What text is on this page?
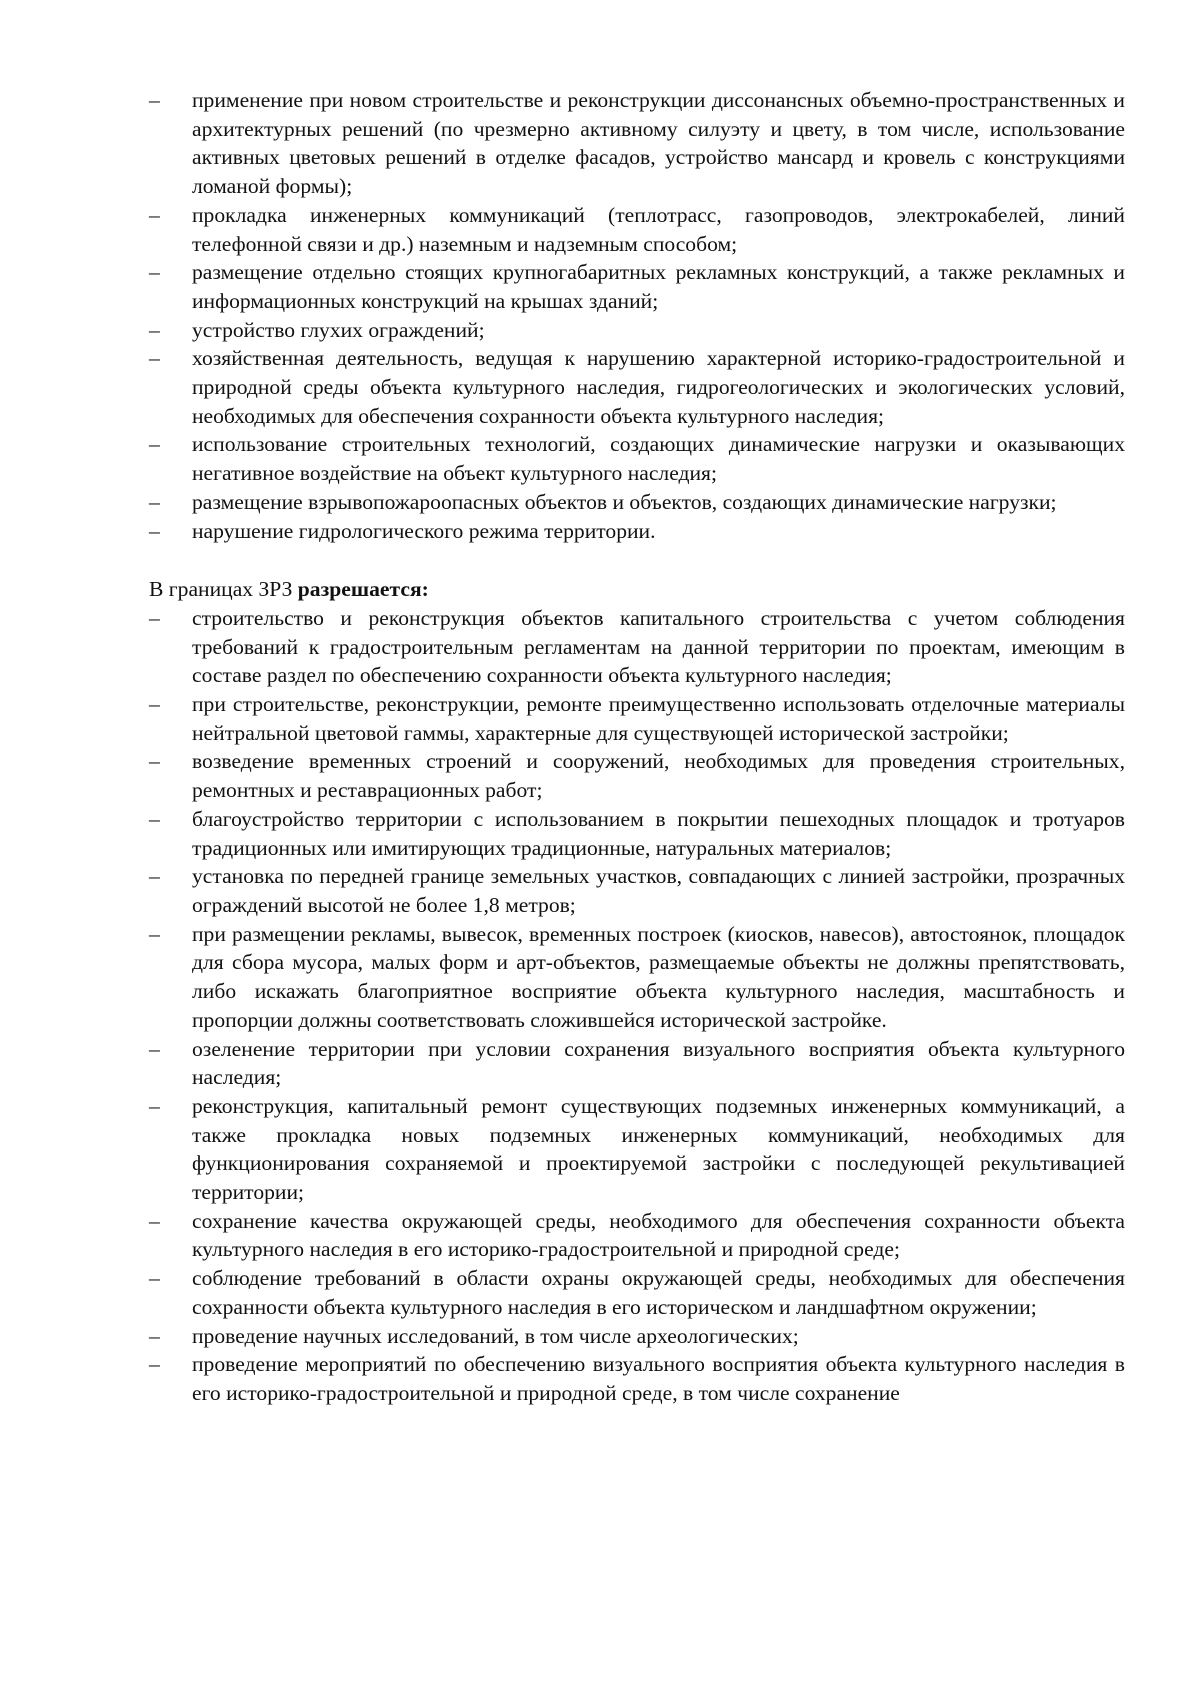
–	применение при новом строительстве и реконструкции диссонансных объемно-пространственных и архитектурных решений (по чрезмерно активному силуэту и цвету, в том числе, использование активных цветовых решений в отделке фасадов, устройство мансард и кровель с конструкциями ломаной формы);
–	прокладка инженерных коммуникаций (теплотрасс, газопроводов, электрокабелей, линий телефонной связи и др.) наземным и надземным способом;
–	размещение отдельно стоящих крупногабаритных рекламных конструкций, а также рекламных и информационных конструкций на крышах зданий;
–	устройство глухих ограждений;
–	хозяйственная деятельность, ведущая к нарушению характерной историко-градостроительной и природной среды объекта культурного наследия, гидрогеологических и экологических условий, необходимых для обеспечения сохранности объекта культурного наследия;
–	использование строительных технологий, создающих динамические нагрузки и оказывающих негативное воздействие на объект культурного наследия;
–	размещение взрывопожароопасных объектов и объектов, создающих динамические нагрузки;
–	нарушение гидрологического режима территории.
В границах ЗРЗ разрешается:
–	строительство и реконструкция объектов капитального строительства с учетом соблюдения требований к градостроительным регламентам на данной территории по проектам, имеющим в составе раздел по обеспечению сохранности объекта культурного наследия;
–	при строительстве, реконструкции, ремонте преимущественно использовать отделочные материалы нейтральной цветовой гаммы, характерные для существующей исторической застройки;
–	возведение временных строений и сооружений, необходимых для проведения строительных, ремонтных и реставрационных работ;
–	благоустройство территории с использованием в покрытии пешеходных площадок и тротуаров традиционных или имитирующих традиционные, натуральных материалов;
–	установка по передней границе земельных участков, совпадающих с линией застройки, прозрачных ограждений высотой не более 1,8 метров;
–	при размещении рекламы, вывесок, временных построек (киосков, навесов), автостоянок, площадок для сбора мусора, малых форм и арт-объектов, размещаемые объекты не должны препятствовать, либо искажать благоприятное восприятие объекта культурного наследия, масштабность и пропорции должны соответствовать сложившейся исторической застройке.
–	озеленение территории при условии сохранения визуального восприятия объекта культурного наследия;
–	реконструкция, капитальный ремонт существующих подземных инженерных коммуникаций, а также прокладка новых подземных инженерных коммуникаций, необходимых для функционирования сохраняемой и проектируемой застройки с последующей рекультивацией территории;
–	сохранение качества окружающей среды, необходимого для обеспечения сохранности объекта культурного наследия в его историко-градостроительной и природной среде;
–	соблюдение требований в области охраны окружающей среды, необходимых для обеспечения сохранности объекта культурного наследия в его историческом и ландшафтном окружении;
–	проведение научных исследований, в том числе археологических;
–	проведение мероприятий по обеспечению визуального восприятия объекта культурного наследия в его историко-градостроительной и природной среде, в том числе сохранение
